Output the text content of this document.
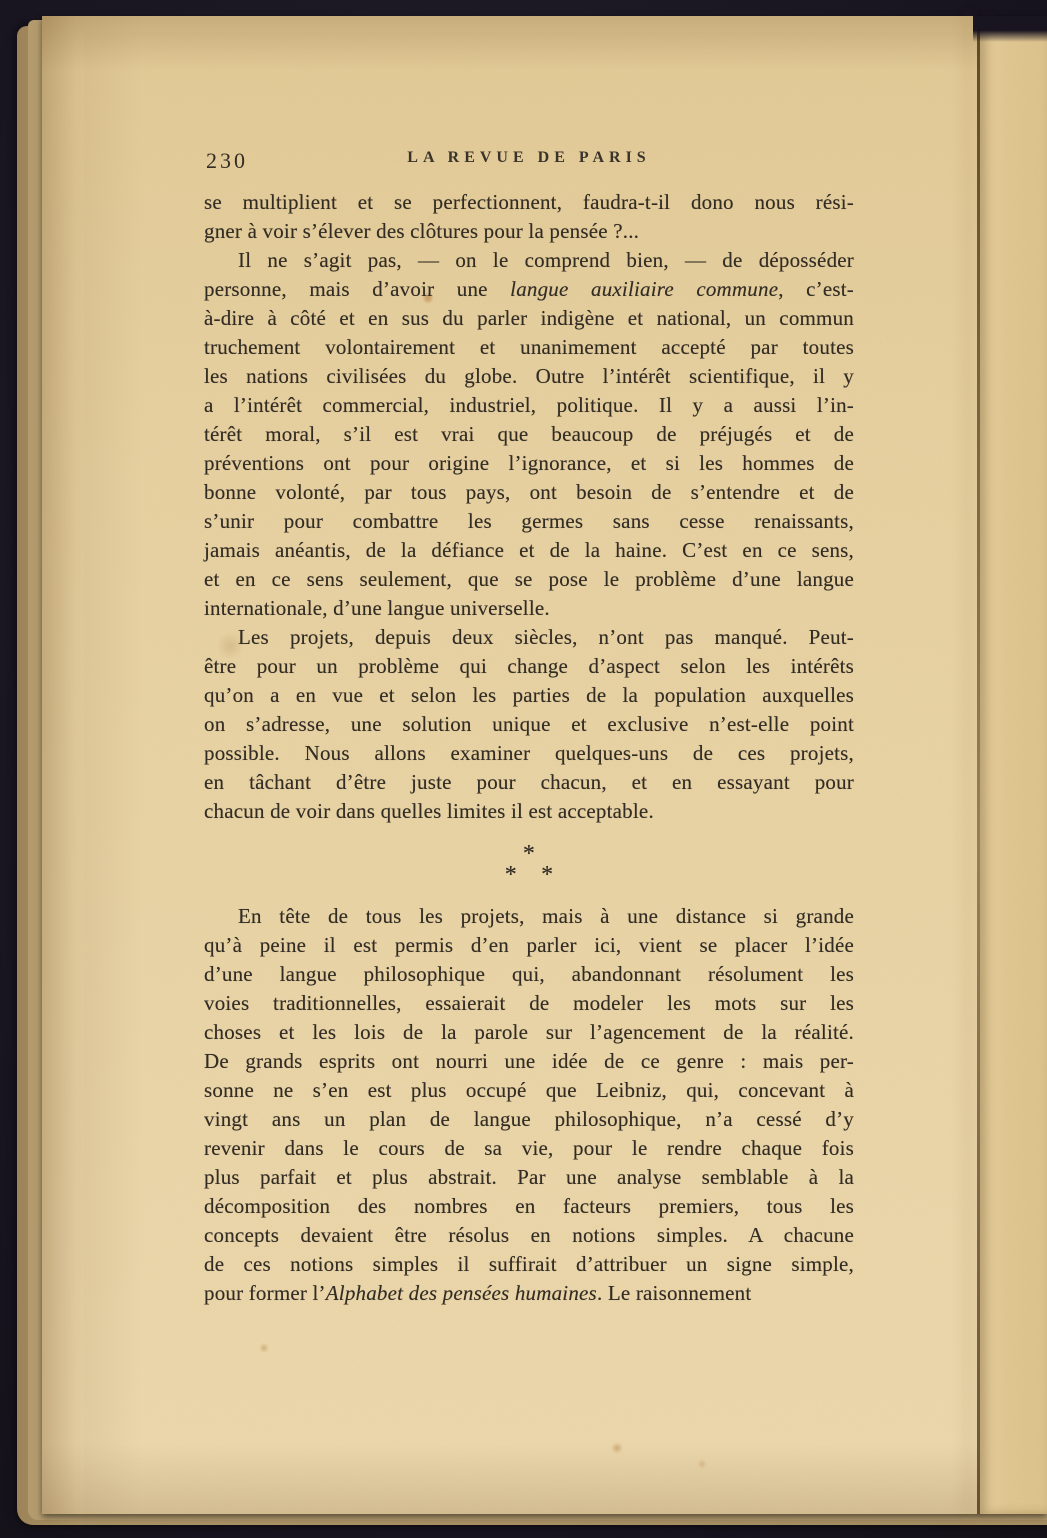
230	LA REVUE DE PARIS
se multiplient et se perfectionnent, faudra-t-il dono nous rési-
gner à voir s’élever des clôtures pour la pensée ?...
Il ne s’agit pas, — on le comprend bien, — de déposséder
personne, mais d’avoir une langue auxiliaire commune, c’est-
à-dire à côté et en sus du parler indigène et national, un commun
truchement volontairement et unanimement accepté par toutes
les nations civilisées du globe. Outre l’intérêt scientifique, il y
a l’intérêt commercial, industriel, politique. Il y a aussi l’in-
térêt moral, s’il est vrai que beaucoup de préjugés et de
préventions ont pour origine l’ignorance, et si les hommes de
bonne volonté, par tous pays, ont besoin de s’entendre et de
s’unir pour combattre les germes sans cesse renaissants,
jamais anéantis, de la défiance et de la haine. C’est en ce sens,
et en ce sens seulement, que se pose le problème d’une langue
internationale, d’une langue universelle.
Les projets, depuis deux siècles, n’ont pas manqué. Peut-
être pour un problème qui change d’aspect selon les intérêts
qu’on a en vue et selon les parties de la population auxquelles
on s’adresse, une solution unique et exclusive n’est-elle point
possible. Nous allons examiner quelques-uns de ces projets,
en tâchant d’être juste pour chacun, et en essayant pour
chacun de voir dans quelles limites il est acceptable.
*
* *
En tête de tous les projets, mais à une distance si grande
qu’à peine il est permis d’en parler ici, vient se placer l’idée
d’une langue philosophique qui, abandonnant résolument les
voies traditionnelles, essaierait de modeler les mots sur les
choses et les lois de la parole sur l’agencement de la réalité.
De grands esprits ont nourri une idée de ce genre : mais per-
sonne ne s’en est plus occupé que Leibniz, qui, concevant à
vingt ans un plan de langue philosophique, n’a cessé d’y
revenir dans le cours de sa vie, pour le rendre chaque fois
plus parfait et plus abstrait. Par une analyse semblable à la
décomposition des nombres en facteurs premiers, tous les
concepts devaient être résolus en notions simples. A chacune
de ces notions simples il suffirait d’attribuer un signe simple,
pour former l’Alphabet des pensées humaines. Le raisonnement
